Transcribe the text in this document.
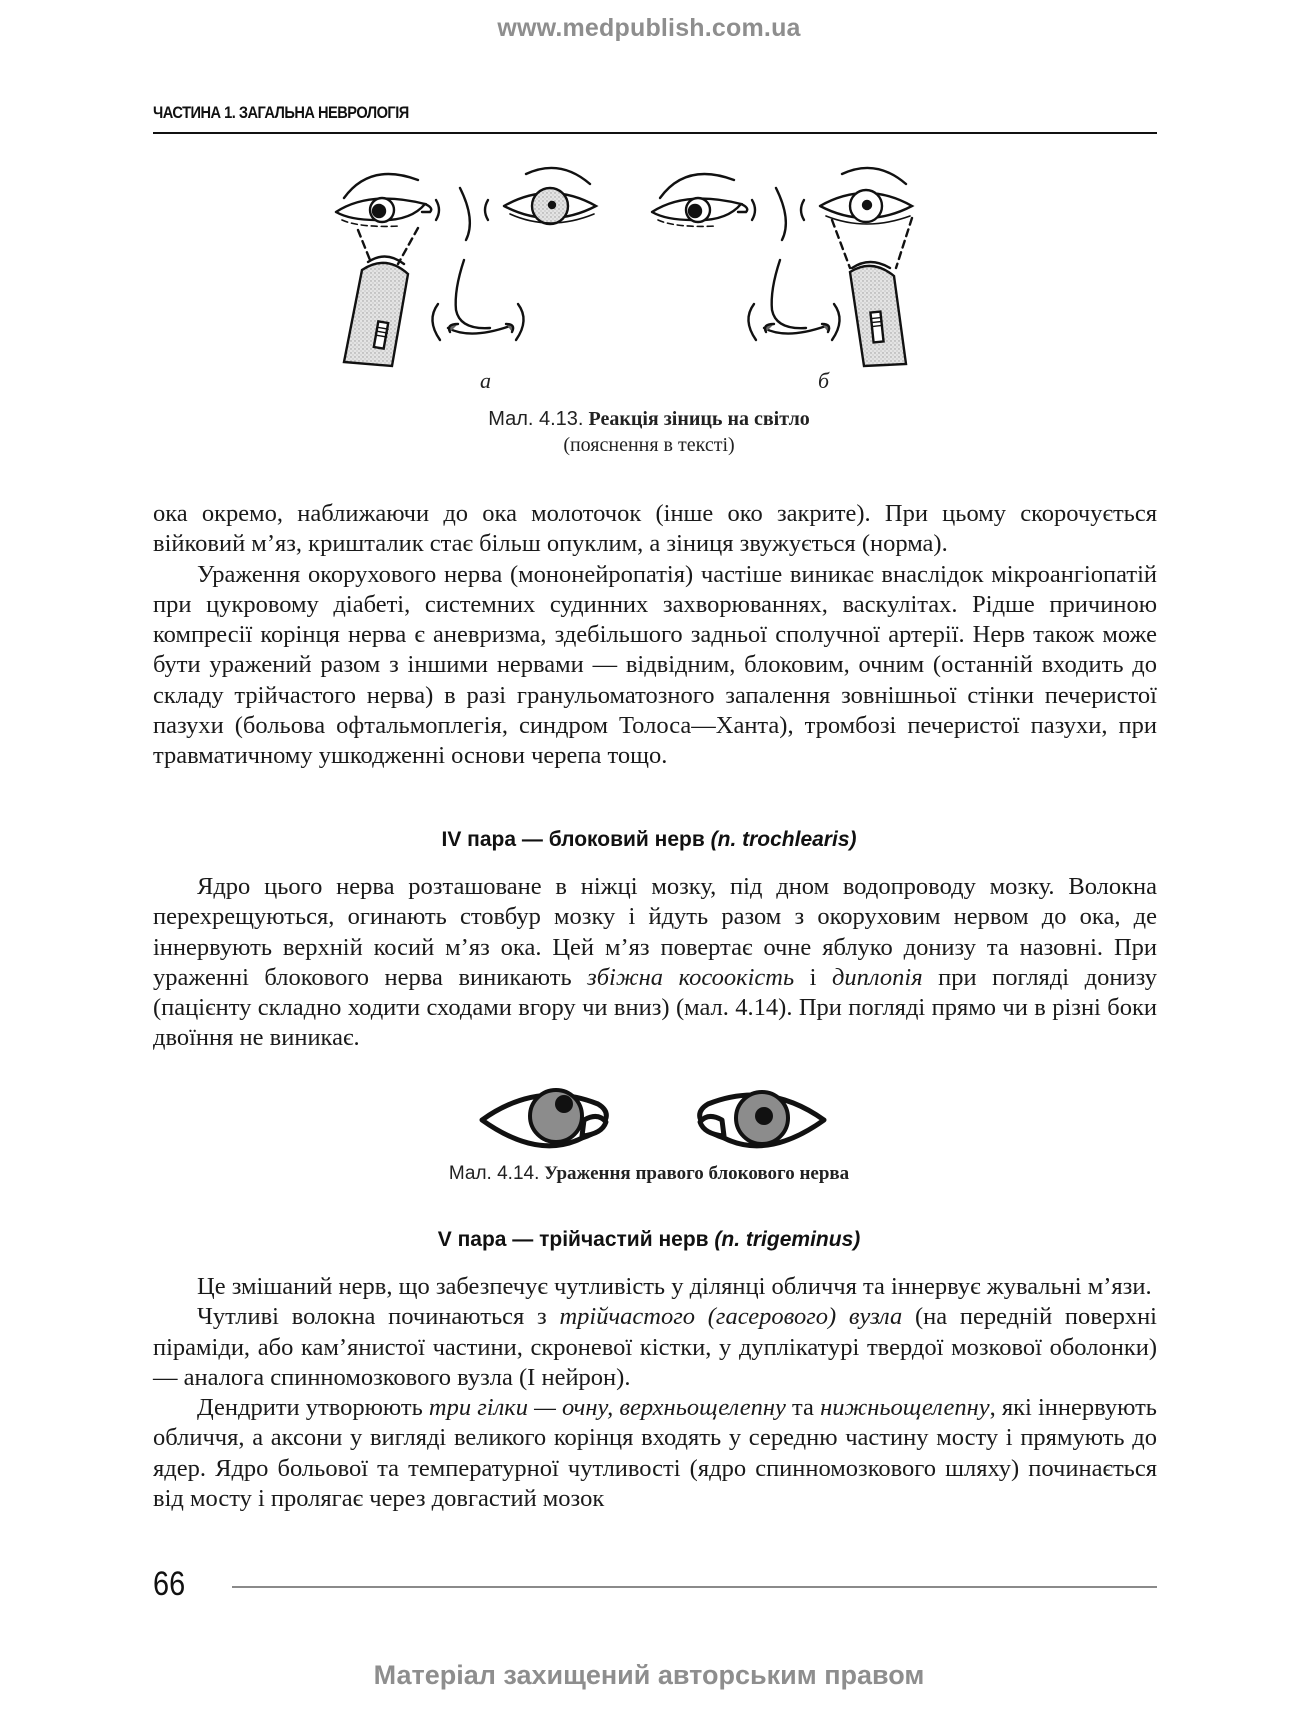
www.medpublish.com.ua
ЧАСТИНА 1. ЗАГАЛЬНА НЕВРОЛОГІЯ
а	б
Мал. 4.13. Реакція зіниць на світло
(пояснення в тексті)

ока окремо, наближаючи до ока молоточок (інше око закрите). При цьому скорочується війковий м’яз, кришталик стає більш опуклим, а зіниця звужується (норма).

Ураження окорухового нерва (мононейропатія) частіше виникає внаслідок мікроангіопатій при цукровому діабеті, системних судинних захворюваннях, васкулітах. Рідше причиною компресії корінця нерва є аневризма, здебільшого задньої сполучної артерії. Нерв також може бути уражений разом з іншими нервами — відвідним, блоковим, очним (останній входить до складу трійчастого нерва) в разі гранульоматозного запалення зовнішньої стінки печеристої пазухи (больова офтальмоплегія, синдром Толоса—Ханта), тромбозі печеристої пазухи, при травматичному ушкодженні основи черепа тощо.

IV пара — блоковий нерв (n. trochlearis)

Ядро цього нерва розташоване в ніжці мозку, під дном водопроводу мозку. Волокна перехрещуються, огинають стовбур мозку і йдуть разом з окоруховим нервом до ока, де іннервують верхній косий м’яз ока. Цей м’яз повертає очне яблуко донизу та назовні. При ураженні блокового нерва виникають збіжна косоокість і диплопія при погляді донизу (пацієнту складно ходити сходами вгору чи вниз) (мал. 4.14). При погляді прямо чи в різні боки двоїння не виникає.

Мал. 4.14. Ураження правого блокового нерва
V пара — трійчастий нерв (n. trigeminus)

Це змішаний нерв, що забезпечує чутливість у ділянці обличчя та іннервує жувальні м’язи.

Чутливі волокна починаються з трійчастого (гасерового) вузла (на передній поверхні піраміди, або кам’янистої частини, скроневої кістки, у дуплікатурі твердої мозкової оболонки) — аналога спинномозкового вузла (І нейрон).

Дендрити утворюють три гілки — очну, верхньощелепну та нижньощелепну, які іннервують обличчя, а аксони у вигляді великого корінця входять у середню частину мосту і прямують до ядер. Ядро больової та температурної чутливості (ядро спинномозкового шляху) починається від мосту і пролягає через довгастий мозок

66
Матеріал захищений авторським правом
